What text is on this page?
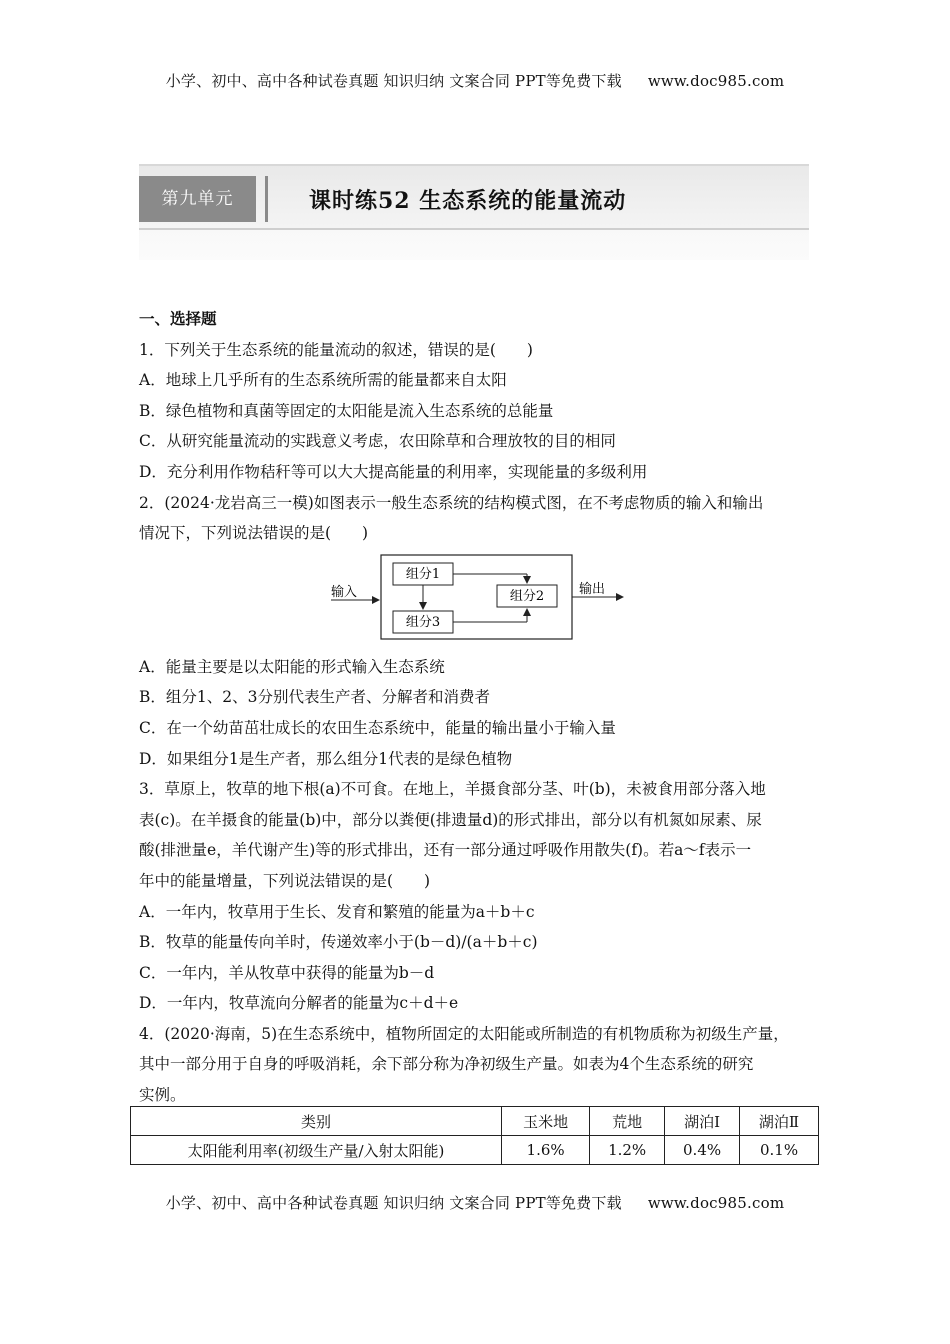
小学、初中、高中各种试卷真题 知识归纳 文案合同 PPT等免费下载 www.doc985.com
第九单元	课时练52 生态系统的能量流动

一、选择题

1．下列关于生态系统的能量流动的叙述，错误的是(　　)

A．地球上几乎所有的生态系统所需的能量都来自太阳

B．绿色植物和真菌等固定的太阳能是流入生态系统的总能量

C．从研究能量流动的实践意义考虑，农田除草和合理放牧的目的相同

D．充分利用作物秸秆等可以大大提高能量的利用率，实现能量的多级利用

2．(2024·龙岩高三一模)如图表示一般生态系统的结构模式图，在不考虑物质的输入和输出

情况下，下列说法错误的是(　　)

组分1
组分3
组分2
输入	输出

A．能量主要是以太阳能的形式输入生态系统

B．组分1、2、3分别代表生产者、分解者和消费者

C．在一个幼苗茁壮成长的农田生态系统中，能量的输出量小于输入量

D．如果组分1是生产者，那么组分1代表的是绿色植物

3．草原上，牧草的地下根(a)不可食。在地上，羊摄食部分茎、叶(b)，未被食用部分落入地

表(c)。在羊摄食的能量(b)中，部分以粪便(排遗量d)的形式排出，部分以有机氮如尿素、尿

酸(排泄量e，羊代谢产生)等的形式排出，还有一部分通过呼吸作用散失(f)。若a～f表示一

年中的能量增量，下列说法错误的是(　　)

A．一年内，牧草用于生长、发育和繁殖的能量为a＋b＋c

B．牧草的能量传向羊时，传递效率小于(b－d)/(a＋b＋c)

C．一年内，羊从牧草中获得的能量为b－d

D．一年内，牧草流向分解者的能量为c＋d＋e

4．(2020·海南，5)在生态系统中，植物所固定的太阳能或所制造的有机物质称为初级生产量，

其中一部分用于自身的呼吸消耗，余下部分称为净初级生产量。如表为4个生态系统的研究

实例。

类别	玉米地	荒地	湖泊Ⅰ	湖泊Ⅱ
太阳能利用率(初级生产量/入射太阳能)	1.6%	1.2%	0.4%	0.1%
小学、初中、高中各种试卷真题 知识归纳 文案合同 PPT等免费下载 www.doc985.com
